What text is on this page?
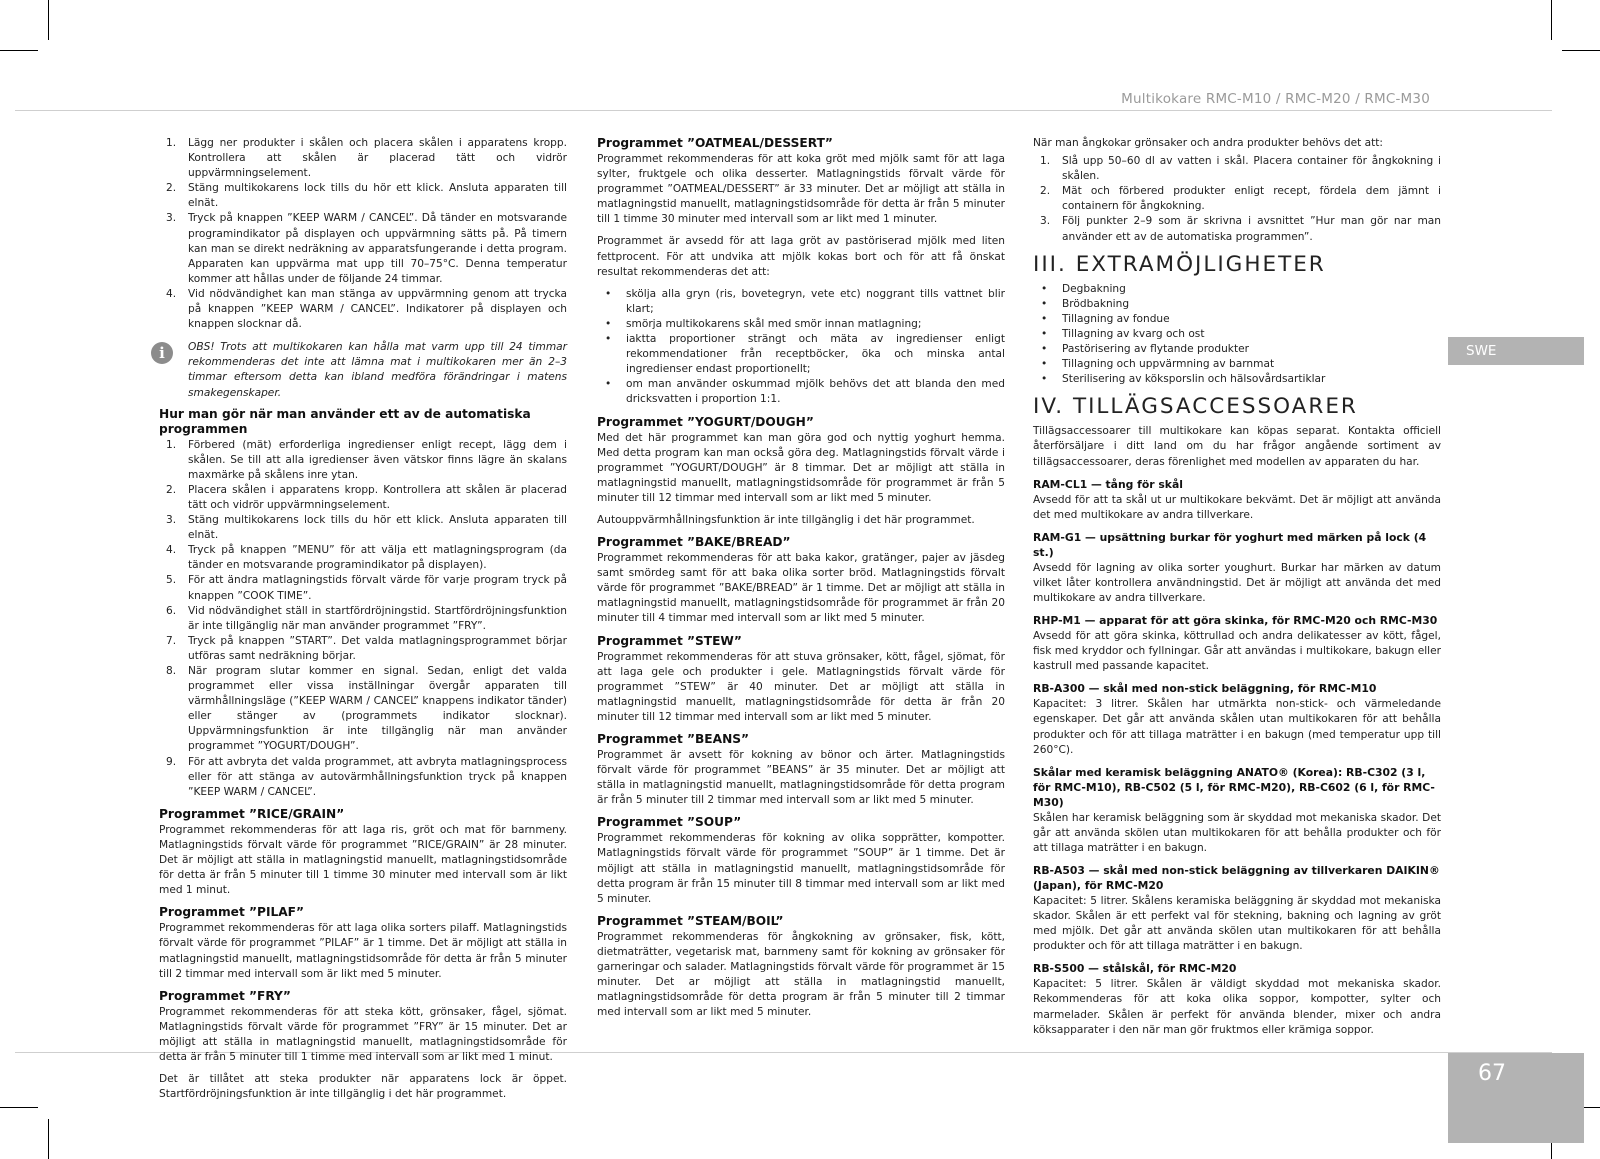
Multikokare RMC-M10 / RMC-M20 / RMC-M30
SWE
67
1. Lägg ner produkter i skålen och placera skålen i apparatens kropp. Kontrollera att skålen är placerad tätt och vidrör uppvärmningselement.
2. Stäng multikokarens lock tills du hör ett klick. Ansluta apparaten till elnät.
3. Tryck på knappen ”KEEP WARM / CANCEL”. Då tänder en motsvarande programindikator på displayen och uppvärmning sätts på. På timern kan man se direkt nedräkning av apparatsfungerande i detta program. Apparaten kan uppvärma mat upp till 70–75°C. Denna temperatur kommer att hållas under de följande 24 timmar.
4. Vid nödvändighet kan man stänga av uppvärmning genom att trycka på knappen ”KEEP WARM / CANCEL”. Indikatorer på displayen och knappen slocknar då.
i	OBS! Trots att multikokaren kan hålla mat varm upp till 24 timmar rekommenderas det inte att lämna mat i multikokaren mer än 2–3 timmar eftersom detta kan ibland medföra förändringar i matens smakegenskaper.
Hur man gör när man använder ett av de automatiska programmen
1. Förbered (mät) erforderliga ingredienser enligt recept, lägg dem i skålen. Se till att alla igredienser även vätskor finns lägre än skalans maxmärke på skålens inre ytan.
2. Placera skålen i apparatens kropp. Kontrollera att skålen är placerad tätt och vidrör uppvärmningselement.
3. Stäng multikokarens lock tills du hör ett klick. Ansluta apparaten till elnät.
4. Tryck på knappen ”MENU” för att välja ett matlagningsprogram (da tänder en motsvarande programindikator på displayen).
5. För att ändra matlagningstids förvalt värde för varje program tryck på knappen ”COOK TIME”.
6. Vid nödvändighet ställ in startfördröjningstid. Startfördröjningsfunktion är inte tillgänglig när man använder programmet ”FRY”.
7. Tryck på knappen ”START”. Det valda matlagningsprogrammet börjar utföras samt nedräkning börjar.
8. När program slutar kommer en signal. Sedan, enligt det valda programmet eller vissa inställningar övergår apparaten till värmhållningsläge (”KEEP WARM / CANCEL” knappens indikator tänder) eller stänger av (programmets indikator slocknar). Uppvärmningsfunktion är inte tillgänglig när man använder programmet ”YOGURT/DOUGH”.
9. För att avbryta det valda programmet, att avbryta matlagningsprocess eller för att stänga av autovärmhållningsfunktion tryck på knappen ”KEEP WARM / CANCEL”.
Programmet ”RICE/GRAIN”

Programmet rekommenderas för att laga ris, gröt och mat för barnmeny. Matlagningstids förvalt värde för programmet ”RICE/GRAIN” är 28 minuter. Det är möjligt att ställa in matlagningstid manuellt, matlagningstidsområde för detta är från 5 minuter till 1 timme 30 minuter med intervall som är likt med 1 minut.

Programmet ”PILAF”

Programmet rekommenderas för att laga olika sorters pilaff. Matlagningstids förvalt värde för programmet ”PILAF” är 1 timme. Det är möjligt att ställa in matlagningstid manuellt, matlagningstidsområde för detta är från 5 minuter till 2 timmar med intervall som är likt med 5 minuter.

Programmet ”FRY”

Programmet rekommenderas för att steka kött, grönsaker, fågel, sjömat. Matlagningstids förvalt värde för programmet ”FRY” är 15 minuter. Det ar möjligt att ställa in matlagningstid manuellt, matlagningstidsområde för detta är från 5 minuter till 1 timme med intervall som ar likt med 1 minut.

Det är tillåtet att steka produkter när apparatens lock är öppet. Startfördröjningsfunktion är inte tillgänglig i det här programmet.

Programmet ”OATMEAL/DESSERT”

Programmet rekommenderas för att koka gröt med mjölk samt för att laga sylter, fruktgele och olika desserter. Matlagningstids förvalt värde för programmet ”OATMEAL/DESSERT” är 33 minuter. Det ar möjligt att ställa in matlagningstid manuellt, matlagningstidsområde för detta är från 5 minuter till 1 timme 30 minuter med intervall som ar likt med 1 minuter.

Programmet är avsedd för att laga gröt av pastöriserad mjölk med liten fettprocent. För att undvika att mjölk kokas bort och för att få önskat resultat rekommenderas det att:

• skölja alla gryn (ris, bovetegryn, vete etc) noggrant tills vattnet blir klart;
• smörja multikokarens skål med smör innan matlagning;
• iaktta proportioner strängt och mäta av ingredienser enligt rekommendationer från receptböcker, öka och minska antal ingredienser endast proportionellt;
• om man använder oskummad mjölk behövs det att blanda den med dricksvatten i proportion 1:1.
Programmet ”YOGURT/DOUGH”

Med det här programmet kan man göra god och nyttig yoghurt hemma. Med detta program kan man också göra deg. Matlagningstids förvalt värde i programmet ”YOGURT/DOUGH” är 8 timmar. Det ar möjligt att ställa in matlagningstid manuellt, matlagningstidsområde för programmet är från 5 minuter till 12 timmar med intervall som ar likt med 5 minuter.

Autouppvärmhållningsfunktion är inte tillgänglig i det här programmet.

Programmet ”BAKE/BREAD”

Programmet rekommenderas för att baka kakor, gratänger, pajer av jäsdeg samt smördeg samt för att baka olika sorter bröd. Matlagningstids förvalt värde för programmet ”BAKE/BREAD” är 1 timme. Det ar möjligt att ställa in matlagningstid manuellt, matlagningstidsområde för programmet är från 20 minuter till 4 timmar med intervall som ar likt med 5 minuter.

Programmet ”STEW”

Programmet rekommenderas för att stuva grönsaker, kött, fågel, sjömat, för att laga gele och produkter i gele. Matlagningstids förvalt värde för programmet ”STEW” är 40 minuter. Det ar möjligt att ställa in matlagningstid manuellt, matlagningstidsområde för detta är från 20 minuter till 12 timmar med intervall som ar likt med 5 minuter.

Programmet ”BEANS”

Programmet är avsett för kokning av bönor och ärter. Matlagningstids förvalt värde för programmet ”BEANS” är 35 minuter. Det ar möjligt att ställa in matlagningstid manuellt, matlagningstidsområde för detta program är från 5 minuter till 2 timmar med intervall som ar likt med 5 minuter.

Programmet ”SOUP”

Programmet rekommenderas för kokning av olika sopprätter, kompotter. Matlagningstids förvalt värde för programmet ”SOUP” är 1 timme. Det är möjligt att ställa in matlagningstid manuellt, matlagningstidsområde för detta program är från 15 minuter till 8 timmar med intervall som ar likt med 5 minuter.

Programmet ”STEAM/BOIL”

Programmet rekommenderas för ångkokning av grönsaker, fisk, kött, dietmaträtter, vegetarisk mat, barnmeny samt för kokning av grönsaker för garneringar och salader. Matlagningstids förvalt värde för programmet är 15 minuter. Det ar möjligt att ställa in matlagningstid manuellt, matlagningstidsområde för detta program är från 5 minuter till 2 timmar med intervall som ar likt med 5 minuter.

När man ångkokar grönsaker och andra produkter behövs det att:

1. Slå upp 50–60 dl av vatten i skål. Placera container för ångkokning i skålen.
2. Mät och förbered produkter enligt recept, fördela dem jämnt i containern för ångkokning.
3. Följ punkter 2–9 som är skrivna i avsnittet ”Hur man gör nar man använder ett av de automatiska programmen”.
III. EXTRAMÖJLIGHETER
• Degbakning
• Brödbakning
• Tillagning av fondue
• Tillagning av kvarg och ost
• Pastörisering av flytande produkter
• Tillagning och uppvärmning av barnmat
• Sterilisering av köksporslin och hälsovårdsartiklar
IV. TILLÄGSACCESSOARER

Tillägsaccessoarer till multikokare kan köpas separat. Kontakta officiell återförsäljare i ditt land om du har frågor angående sortiment av tillägsaccessoarer, deras förenlighet med modellen av apparaten du har.

RAM-CL1 — tång för skål

Avsedd för att ta skål ut ur multikokare bekvämt. Det är möjligt att använda det med multikokare av andra tillverkare.

RAM-G1 — upsättning burkar för yoghurt med märken på lock (4 st.)

Avsedd för lagning av olika sorter youghurt. Burkar har märken av datum vilket låter kontrollera användningstid. Det är möjligt att använda det med multikokare av andra tillverkare.

RHP-M1 — apparat för att göra skinka, för RMC-M20 och RMC-M30

Avsedd för att göra skinka, köttrullad och andra delikatesser av kött, fågel, fisk med kryddor och fyllningar. Går att användas i multikokare, bakugn eller kastrull med passande kapacitet.

RB-A300 — skål med non-stick beläggning, för RMC-M10

Kapacitet: 3 litrer. Skålen har utmärkta non-stick- och värmeledande egenskaper. Det går att använda skålen utan multikokaren för att behålla produkter och för att tillaga maträtter i en bakugn (med temperatur upp till 260°C).

Skålar med keramisk beläggning ANATO® (Korea): RB-C302 (3 l, för RMC-M10), RB-C502 (5 l, för RMC-M20), RB-C602 (6 l, för RMC-M30)

Skålen har keramisk beläggning som är skyddad mot mekaniska skador. Det går att använda skölen utan multikokaren för att behålla produkter och för att tillaga maträtter i en bakugn.

RB-A503 — skål med non-stick beläggning av tillverkaren DAIKIN® (Japan), för RMC-M20

Kapacitet: 5 litrer. Skålens keramiska beläggning är skyddad mot mekaniska skador. Skålen är ett perfekt val för stekning, bakning och lagning av gröt med mjölk. Det går att använda skölen utan multikokaren för att behålla produkter och för att tillaga maträtter i en bakugn.

RB-S500 — stålskål, för RMC-M20

Kapacitet: 5 litrer. Skålen är väldigt skyddad mot mekaniska skador. Rekommenderas för att koka olika soppor, kompotter, sylter och marmelader. Skålen är perfekt för använda blender, mixer och andra köksapparater i den när man gör fruktmos eller krämiga soppor.
